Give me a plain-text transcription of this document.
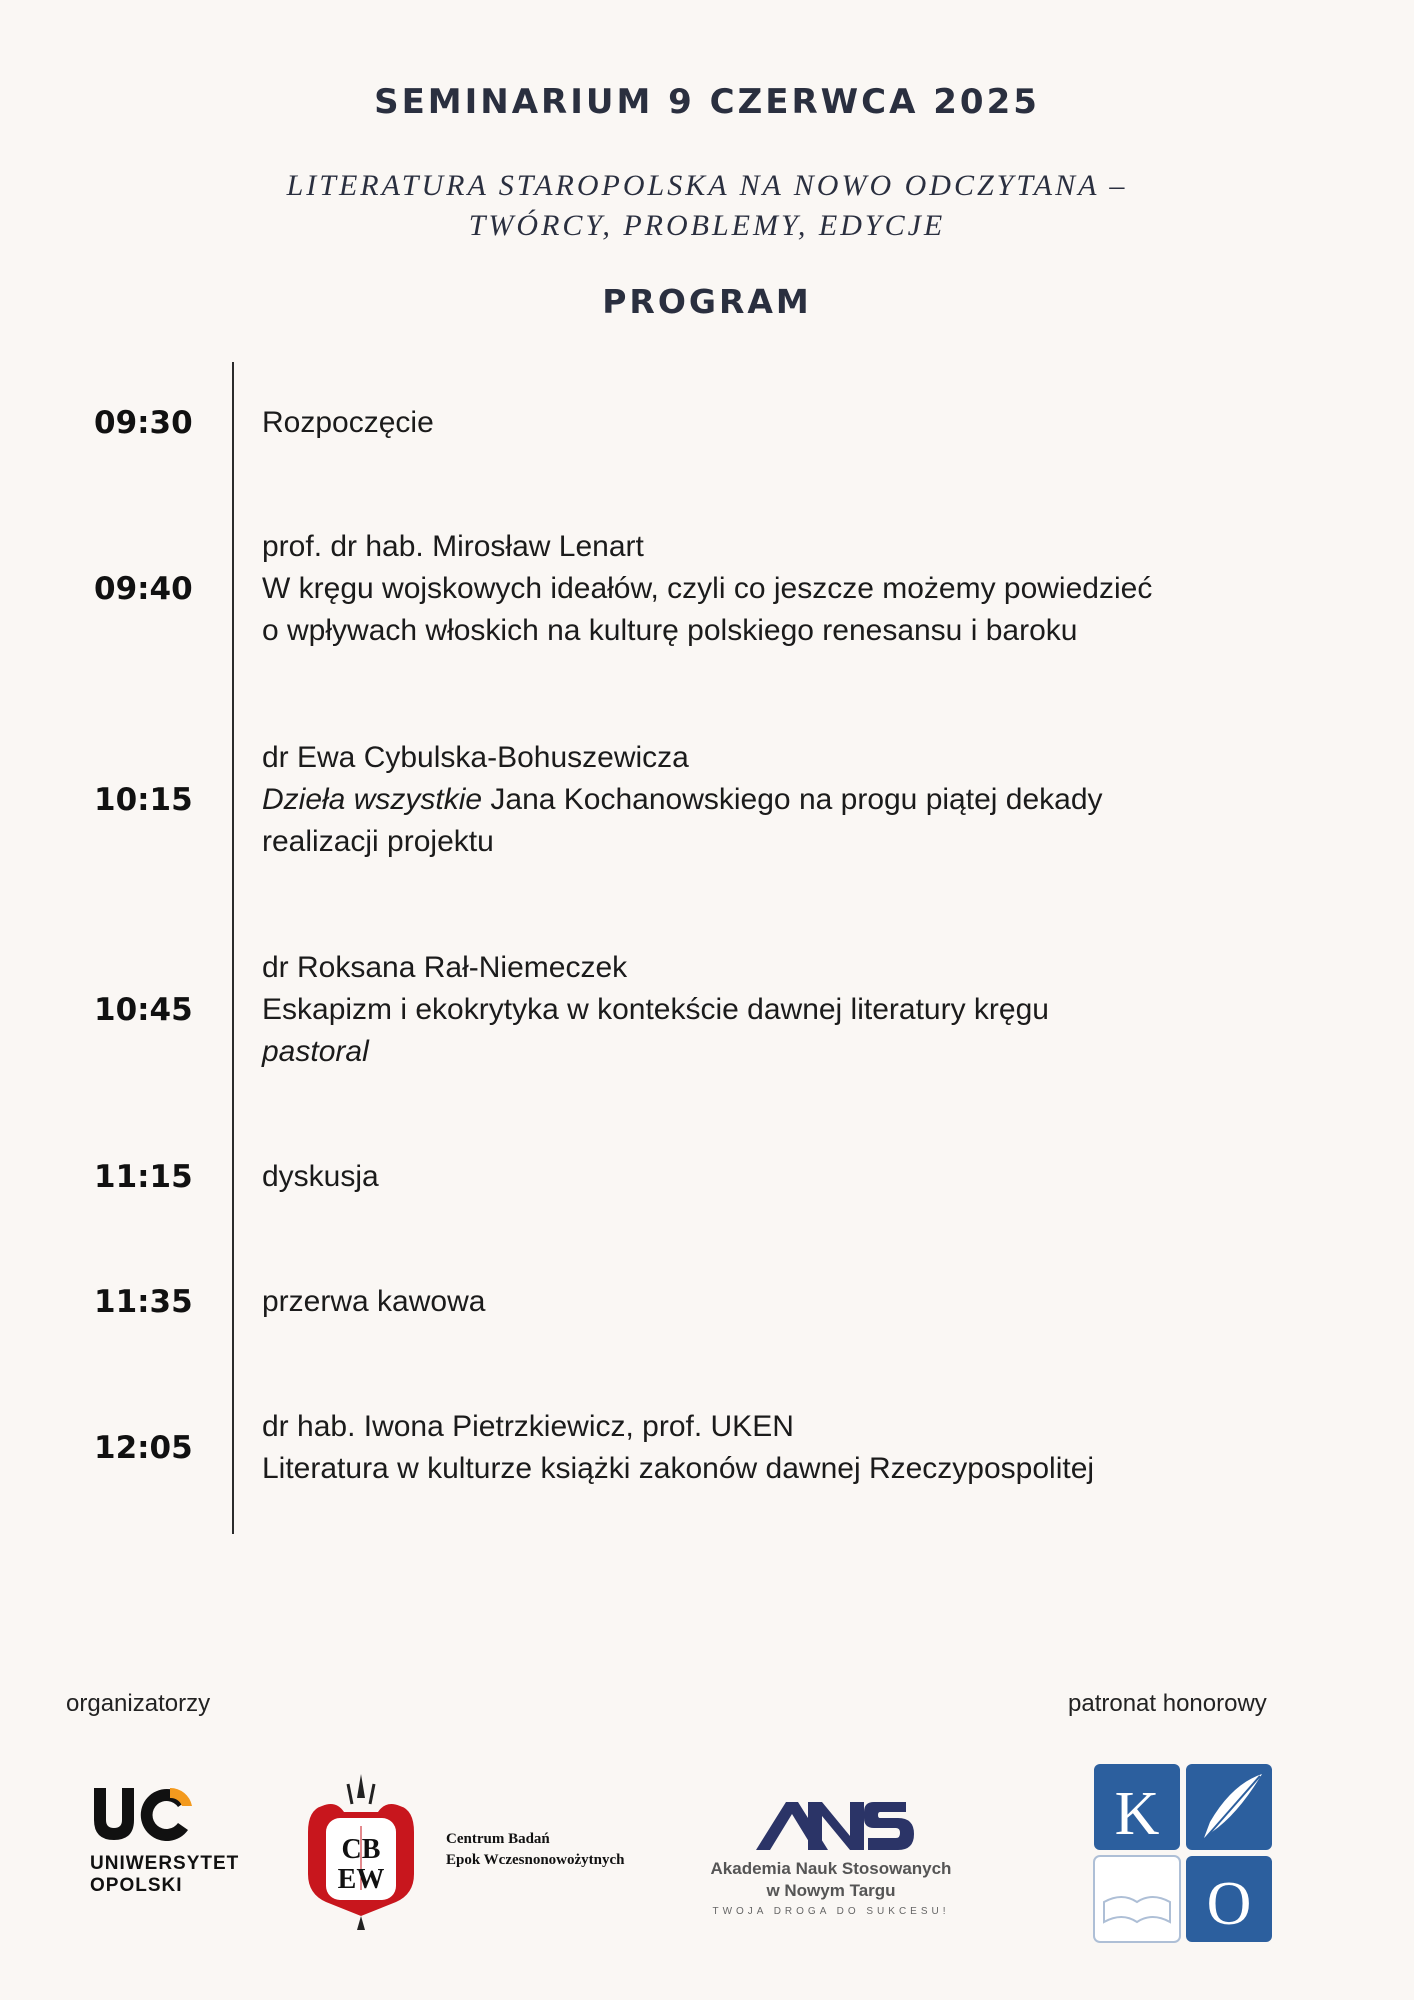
SEMINARIUM 9 CZERWCA 2025
LITERATURA STAROPOLSKA NA NOWO ODCZYTANA –
TWÓRCY, PROBLEMY, EDYCJE
PROGRAM
09:30 Rozpoczęcie
09:40
prof. dr hab. Mirosław Lenart
W kręgu wojskowych ideałów, czyli co jeszcze możemy powiedzieć
o wpływach włoskich na kulturę polskiego renesansu i baroku
10:15
dr Ewa Cybulska-Bohuszewicza
Dzieła wszystkie Jana Kochanowskiego na progu piątej dekady
realizacji projektu
10:45
dr Roksana Rał-Niemeczek
Eskapizm i ekokrytyka w kontekście dawnej literatury kręgu
pastoral
11:15 dyskusja
11:35 przerwa kawowa
12:05
dr hab. Iwona Pietrzkiewicz, prof. UKEN
Literatura w kulturze książki zakonów dawnej Rzeczypospolitej
organizatorzy	patronat honorowy
UNIWERSYTET
OPOLSKI
CB
EW
Centrum Badań
Epok Wczesnonowożytnych	Akademia Nauk Stosowanych
w Nowym Targu
TWOJA DROGA DO SUKCESU!
K
O
